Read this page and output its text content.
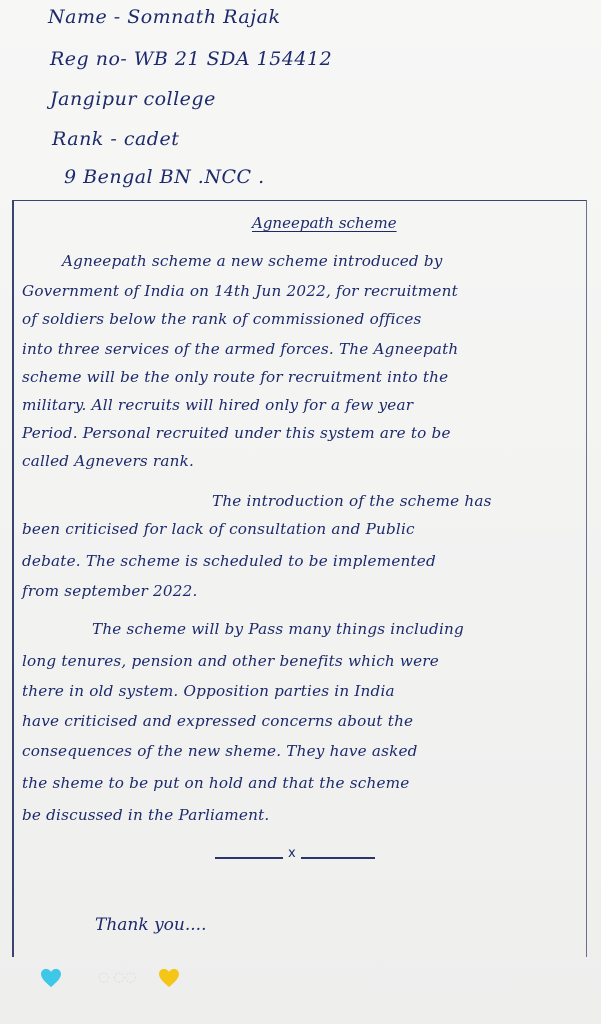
Name - Somnath Rajak
Reg no- WB 21 SDA 154412
Jangipur college
Rank - cadet
9 Bengal BN .NCC .
Agneepath scheme
Agneepath scheme a new scheme introduced by
Government of India on 14th Jun 2022, for recruitment
of soldiers below the rank of commissioned offices
into three services of the armed forces. The Agneepath
scheme will be the only route for recruitment into the
military. All recruits will hired only for a few year
Period. Personal recruited under this system are to be
called Agnevers rank.
The introduction of the scheme has
been criticised for lack of consultation and Public
debate. The scheme is scheduled to be implemented
from september 2022.
The scheme will by Pass many things including
long tenures, pension and other benefits which were
there in old system. Opposition parties in India
have criticised and expressed concerns about the
consequences of the new sheme. They have asked
the sheme to be put on hold and that the scheme
be discussed in the Parliament.
x
Thank you....
◌ ◌◌
